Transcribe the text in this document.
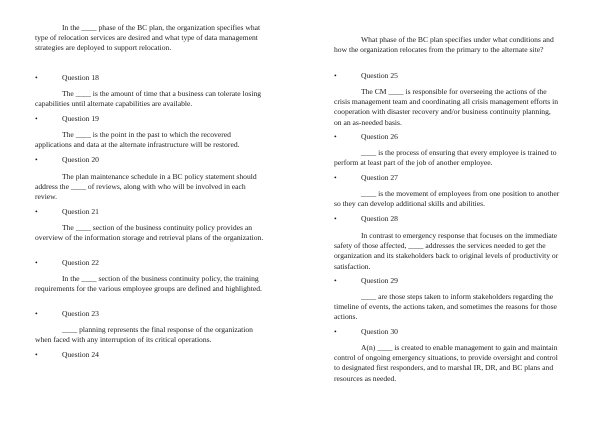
In the ____ phase of the BC plan, the organization specifies what type of relocation services are desired and what type of data management strategies are deployed to support relocation.

•	Question 18

The ____ is the amount of time that a business can tolerate losing capabilities until alternate capabilities are available.

•	Question 19

The ____ is the point in the past to which the recovered applications and data at the alternate infrastructure will be restored.

•	Question 20

The plan maintenance schedule in a BC policy statement should address the ____ of reviews, along with who will be involved in each review.

•	Question 21

The ____ section of the business continuity policy provides an overview of the information storage and retrieval plans of the organization.

•	Question 22

In the ____ section of the business continuity policy, the training requirements for the various employee groups are defined and highlighted.

•	Question 23

____ planning represents the final response of the organization when faced with any interruption of its critical operations.

•	Question 24

What phase of the BC plan specifies under what conditions and how the organization relocates from the primary to the alternate site?

•	Question 25

The CM ____ is responsible for overseeing the actions of the crisis management team and coordinating all crisis management efforts in cooperation with disaster recovery and/or business continuity planning, on an as-needed basis.

•	Question 26

____ is the process of ensuring that every employee is trained to perform at least part of the job of another employee.

•	Question 27

____ is the movement of employees from one position to another so they can develop additional skills and abilities.

•	Question 28

In contrast to emergency response that focuses on the immediate safety of those affected, ____ addresses the services needed to get the organization and its stakeholders back to original levels of productivity or satisfaction.

•	Question 29

____ are those steps taken to inform stakeholders regarding the timeline of events, the actions taken, and sometimes the reasons for those actions.

•	Question 30

A(n) ____ is created to enable management to gain and maintain control of ongoing emergency situations, to provide oversight and control to designated first responders, and to marshal IR, DR, and BC plans and resources as needed.
